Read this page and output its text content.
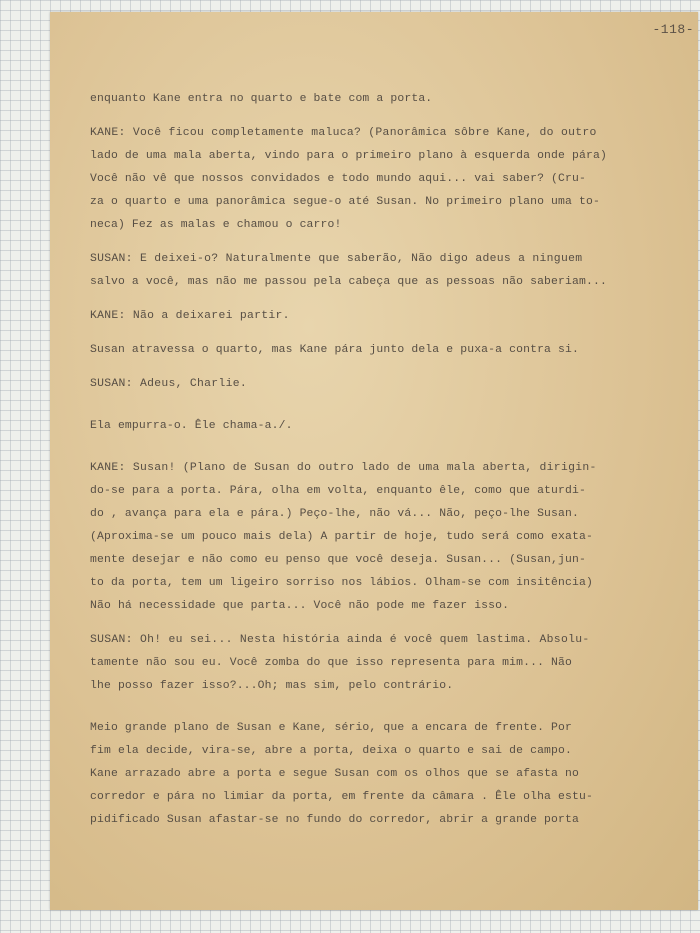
-118-
enquanto Kane entra no quarto e bate com a porta.
KANE: Você ficou completamente maluca? (Panorâmica sôbre Kane, do outro
lado de uma mala aberta, vindo para o primeiro plano à esquerda onde pára)
Você não vê que nossos convidados e todo mundo aqui... vai saber? (Cru-
za o quarto e uma panorâmica segue-o até Susan. No primeiro plano uma to-
neca) Fez as malas e chamou o carro!
SUSAN: E deixei-o? Naturalmente que saberão, Não digo adeus a ninguem
salvo a você, mas não me passou pela cabeça que as pessoas não saberiam...
KANE: Não a deixarei partir.
Susan atravessa o quarto, mas Kane pára junto dela e puxa-a contra si.
SUSAN: Adeus, Charlie.
Ela empurra-o. Êle chama-a./.
KANE: Susan! (Plano de Susan do outro lado de uma mala aberta, dirigin-
do-se para a porta. Pára, olha em volta, enquanto êle, como que aturdi-
do , avança para ela e pára.) Peço-lhe, não vá... Não, peço-lhe Susan.
(Aproxima-se um pouco mais dela) A partir de hoje, tudo será como exata-
mente desejar e não como eu penso que você deseja. Susan... (Susan,jun-
to da porta, tem um ligeiro sorriso nos lábios. Olham-se com insitência)
Não há necessidade que parta... Você não pode me fazer isso.
SUSAN: Oh! eu sei... Nesta história ainda é você quem lastima. Absolu-
tamente não sou eu. Você zomba do que isso representa para mim... Não
lhe posso fazer isso?...Oh; mas sim, pelo contrário.
Meio grande plano de Susan e Kane, sério, que a encara de frente. Por
fim ela decide, vira-se, abre a porta, deixa o quarto e sai de campo.
Kane arrazado abre a porta e segue Susan com os olhos que se afasta no
corredor e pára no limiar da porta, em frente da câmara . Êle olha estu-
pidificado Susan afastar-se no fundo do corredor, abrir a grande porta
